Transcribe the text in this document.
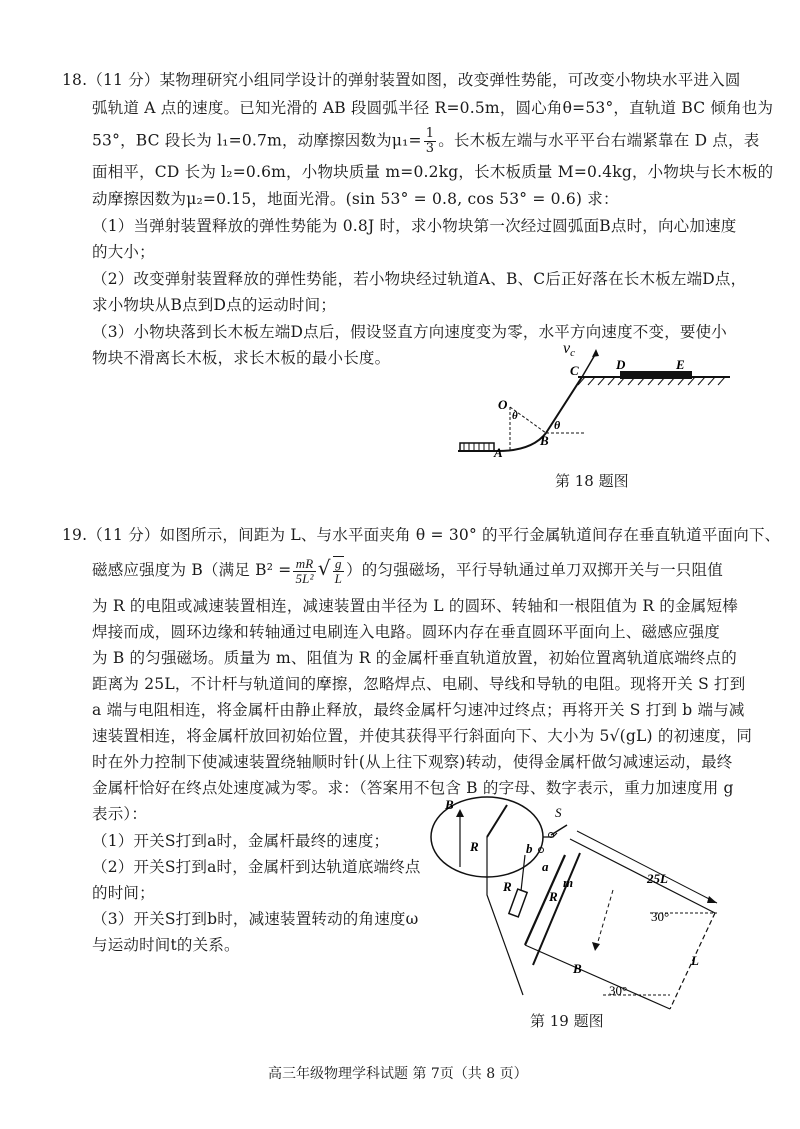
18.（11 分）某物理研究小组同学设计的弹射装置如图，改变弹性势能，可改变小物块水平进入圆
弧轨道 A 点的速度。已知光滑的 AB 段圆弧半径 R=0.5m，圆心角θ=53°，直轨道 BC 倾角也为
53°，BC 段长为 l₁=0.7m，动摩擦因数为$\mu_1= \frac{1}{3}$ 。长木板左端与水平平台右端紧靠在 D 点，表
面相平，CD 长为 l₂=0.6m，小物块质量 m=0.2kg，长木板质量 M=0.4kg，小物块与长木板的
动摩擦因数为μ₂=0.15，地面光滑。(sin 53° = 0.8, cos 53° = 0.6) 求：
（1）当弹射装置释放的弹性势能为 0.8J 时，求小物块第一次经过圆弧面B点时，向心加速度
的大小；
（2）改变弹射装置释放的弹性势能，若小物块经过轨道A、B、C后正好落在长木板左端D点，
求小物块从B点到D点的运动时间；
（3）小物块落到长木板左端D点后，假设竖直方向速度变为零，水平方向速度不变，要使小
物块不滑离长木板，求长木板的最小长度。
vc
C	D	E
O
θ
θ
B
A
第 18 题图
19.（11 分）如图所示，间距为 L、与水平面夹角 θ = 30° 的平行金属轨道间存在垂直轨道平面向下、
磁感应强度为 B（满足 $B^2 = \frac{mR}{\text{5L²}}$ √ $\frac{g}{L}$ ）的匀强磁场，平行导轨通过单刀双掷开关与一只阻值
为 R 的电阻或减速装置相连，减速装置由半径为 L 的圆环、转轴和一根阻值为 R 的金属短棒
焊接而成，圆环边缘和转轴通过电刷连入电路。圆环内存在垂直圆环平面向上、磁感应强度
为 B 的匀强磁场。质量为 m、阻值为 R 的金属杆垂直轨道放置，初始位置离轨道底端终点的
距离为 25L，不计杆与轨道间的摩擦，忽略焊点、电刷、导线和导轨的电阻。现将开关 S 打到
a 端与电阻相连，将金属杆由静止释放，最终金属杆匀速冲过终点；再将开关 S 打到 b 端与减
速装置相连，将金属杆放回初始位置，并使其获得平行斜面向下、大小为 5√(gL) 的初速度，同
时在外力控制下使减速装置绕轴顺时针(从上往下观察)转动，使得金属杆做匀减速运动，最终
金属杆恰好在终点处速度减为零。求：（答案用不包含 B 的字母、数字表示，重力加速度用 g
表示）：
（1）开关S打到a时，金属杆最终的速度；
（2）开关S打到a时，金属杆到达轨道底端终点
的时间；
（3）开关S打到b时，减速装置转动的角速度ω
与运动时间t的关系。
B
R
S
b
a
R
R
m	25L
30°
B
L
30°
第 19 题图
高三年级物理学科试题 第 7页（共 8 页）
